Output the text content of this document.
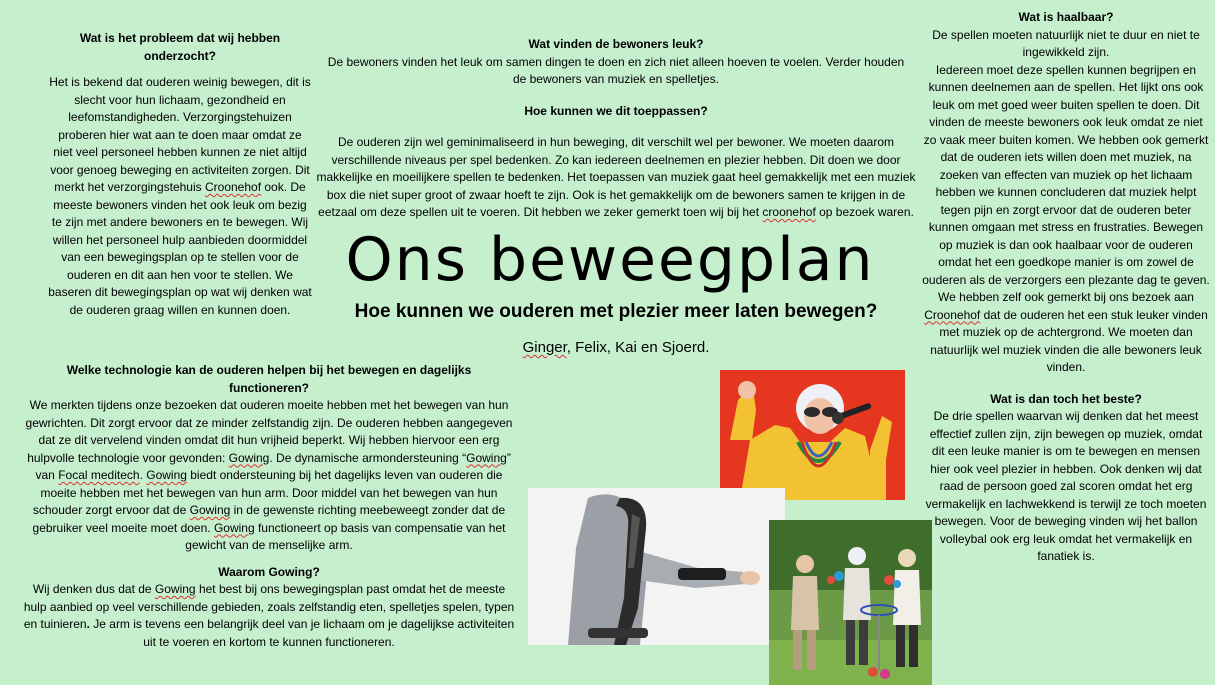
Wat is het probleem dat wij hebben onderzocht?
Het is bekend dat ouderen weinig bewegen, dit is slecht voor hun lichaam, gezondheid en leefomstandigheden. Verzorgingstehuizen proberen hier wat aan te doen maar omdat ze niet veel personeel hebben kunnen ze niet altijd voor genoeg beweging en activiteiten zorgen. Dit merkt het verzorgingstehuis Croonehof ook. De meeste bewoners vinden het ook leuk om bezig te zijn met andere bewoners en te bewegen. Wij willen het personeel hulp aanbieden doormiddel van een bewegingsplan op te stellen voor de ouderen en dit aan hen voor te stellen. We baseren dit bewegingsplan op wat wij denken wat de ouderen graag willen en kunnen doen.
Welke technologie kan de ouderen helpen bij het bewegen en dagelijks functioneren?
We merkten tijdens onze bezoeken dat ouderen moeite hebben met het bewegen van hun gewrichten. Dit zorgt ervoor dat ze minder zelfstandig zijn. De ouderen hebben aangegeven dat ze dit vervelend vinden omdat dit hun vrijheid beperkt. Wij hebben hiervoor een erg hulpvolle technologie voor gevonden: Gowing. De dynamische armondersteuning “Gowing” van Focal meditech. Gowing biedt ondersteuning bij het dagelijks leven van ouderen die moeite hebben met het bewegen van hun arm. Door middel van het bewegen van hun schouder zorgt ervoor dat de Gowing in de gewenste richting meebeweegt zonder dat de gebruiker veel moeite moet doen. Gowing functioneert op basis van compensatie van het gewicht van de menselijke arm.
Waarom Gowing?
Wij denken dus dat de Gowing het best bij ons bewegingsplan past omdat het de meeste hulp aanbied op veel verschillende gebieden, zoals zelfstandig eten, spelletjes spelen, typen en tuinieren. Je arm is tevens een belangrijk deel van je lichaam om je dagelijkse activiteiten uit te voeren en kortom te kunnen functioneren.
Wat vinden de bewoners leuk?
De bewoners vinden het leuk om samen dingen te doen en zich niet alleen hoeven te voelen. Verder houden de bewoners van muziek en spelletjes.
Hoe kunnen we dit toeppassen?
De ouderen zijn wel geminimaliseerd in hun beweging, dit verschilt wel per bewoner. We moeten daarom verschillende niveaus per spel bedenken. Zo kan iedereen deelnemen en plezier hebben. Dit doen we door makkelijke en moeilijkere spellen te bedenken. Het toepassen van muziek gaat heel gemakkelijk met een muziek box die niet super groot of zwaar hoeft te zijn. Ook is het gemakkelijk om de bewoners samen te krijgen in de eetzaal om deze spellen uit te voeren. Dit hebben we zeker gemerkt toen wij bij het croonehof op bezoek waren.
Ons beweegplan
Hoe kunnen we ouderen met plezier meer laten bewegen?
Ginger, Felix, Kai en Sjoerd.
Wat is haalbaar?
De spellen moeten natuurlijk niet te duur en niet te ingewikkeld zijn.
Iedereen moet deze spellen kunnen begrijpen en kunnen deelnemen aan de spellen. Het lijkt ons ook leuk om met goed weer buiten spellen te doen. Dit vinden de meeste bewoners ook leuk omdat ze niet zo vaak meer buiten komen. We hebben ook gemerkt dat de ouderen iets willen doen met muziek, na zoeken van effecten van muziek op het lichaam hebben we kunnen concluderen dat muziek helpt tegen pijn en zorgt ervoor dat de ouderen beter kunnen omgaan met stress en frustraties. Bewegen op muziek is dan ook haalbaar voor de ouderen omdat het een goedkope manier is om zowel de ouderen als de verzorgers een plezante dag te geven.
We hebben zelf ook gemerkt bij ons bezoek aan Croonehof dat de ouderen het een stuk leuker vinden met muziek op de achtergrond. We moeten dan natuurlijk wel muziek vinden die alle bewoners leuk vinden.
Wat is dan toch het beste?
De drie spellen waarvan wij denken dat het meest effectief zullen zijn, zijn bewegen op muziek, omdat dit een leuke manier is om te bewegen en mensen hier ook veel plezier in hebben. Ook denken wij dat raad de persoon goed zal scoren omdat het erg vermakelijk en lachwekkend is terwijl ze toch moeten bewegen. Voor de beweging vinden wij het ballon volleybal ook erg leuk omdat het vermakelijk en fanatiek is.
